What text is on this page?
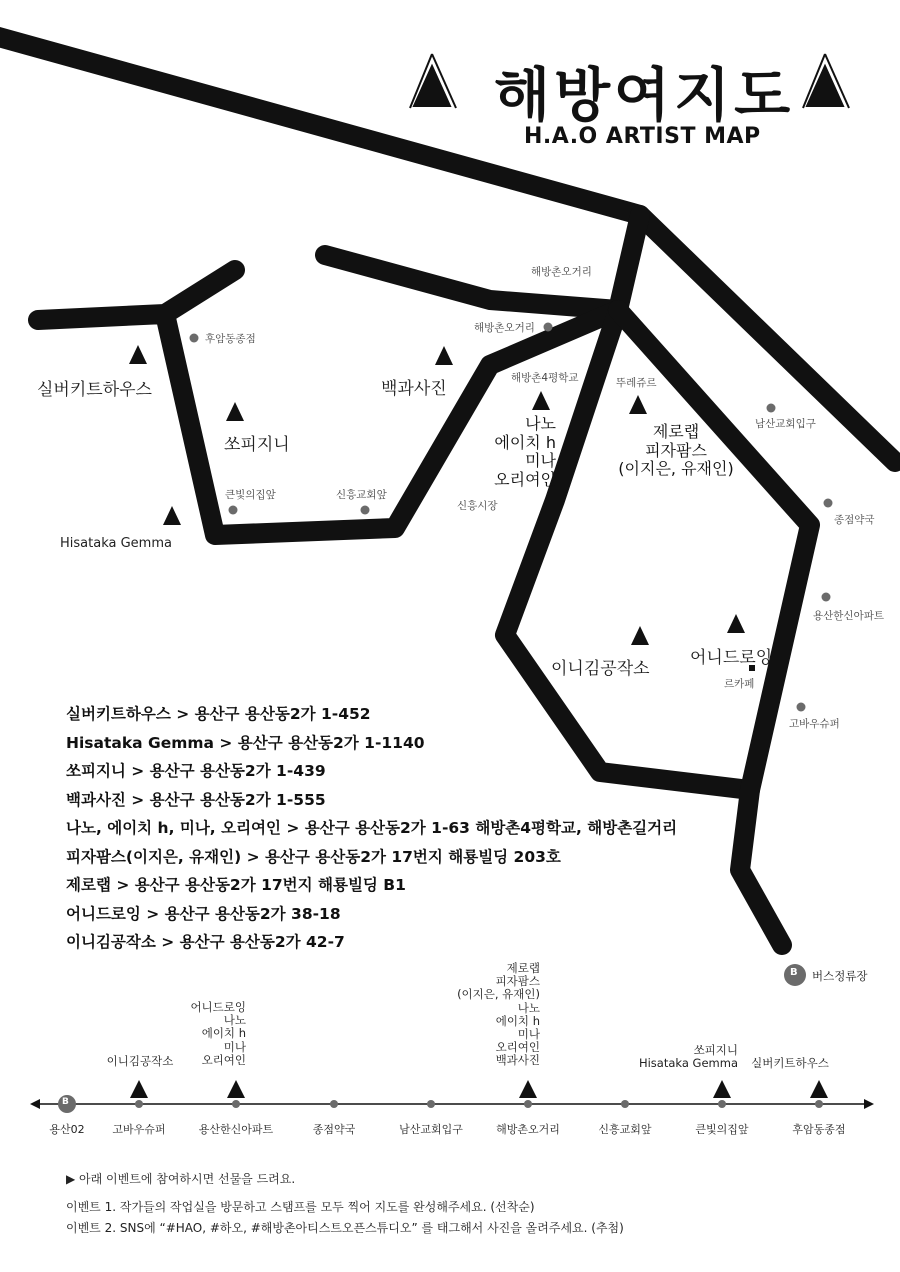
해방여지도
H.A.O ARTIST MAP
실버키트하우스
쏘피지니
Hisataka Gemma
백과사진
나노
에이치 h
미나
오리여인
제로랩
피자팜스
(이지은, 유재인)
이니김공작소
어니드로잉
해방촌오거리
해방촌오거리
후암동종점
해방촌4평학교	뚜레쥬르
남산교회입구
큰빛의집앞	신흥교회앞
신흥시장
종점약국
용산한신아파트
르카페
고바우슈퍼
B 버스정류장
실버키트하우스 > 용산구 용산동2가 1-452
Hisataka Gemma > 용산구 용산동2가 1-1140
쏘피지니 > 용산구 용산동2가 1-439
백과사진 > 용산구 용산동2가 1-555
나노, 에이치 h, 미나, 오리여인 > 용산구 용산동2가 1-63 해방촌4평학교, 해방촌길거리
피자팜스(이지은, 유재인) > 용산구 용산동2가 17번지 해룡빌딩 203호
제로랩 > 용산구 용산동2가 17번지 해룡빌딩 B1
어니드로잉 > 용산구 용산동2가 38-18
이니김공작소 > 용산구 용산동2가 42-7
B
이니김공작소
어니드로잉
나노
에이치 h
미나
오리여인
제로랩
피자팜스
(이지은, 유재인)
나노
에이치 h
미나
오리여인
백과사진
쏘피지니
Hisataka Gemma	실버키트하우스
용산02	고바우슈퍼	용산한신아파트	종점약국	남산교회입구	해방촌오거리	신흥교회앞	큰빛의집앞	후암동종점
▶ 아래 이벤트에 참여하시면 선물을 드려요.
이벤트 1. 작가들의 작업실을 방문하고 스탬프를 모두 찍어 지도를 완성해주세요. (선착순)
이벤트 2. SNS에 “#HAO, #하오, #해방촌아티스트오픈스튜디오” 를 태그해서 사진을 올려주세요. (추첨)
